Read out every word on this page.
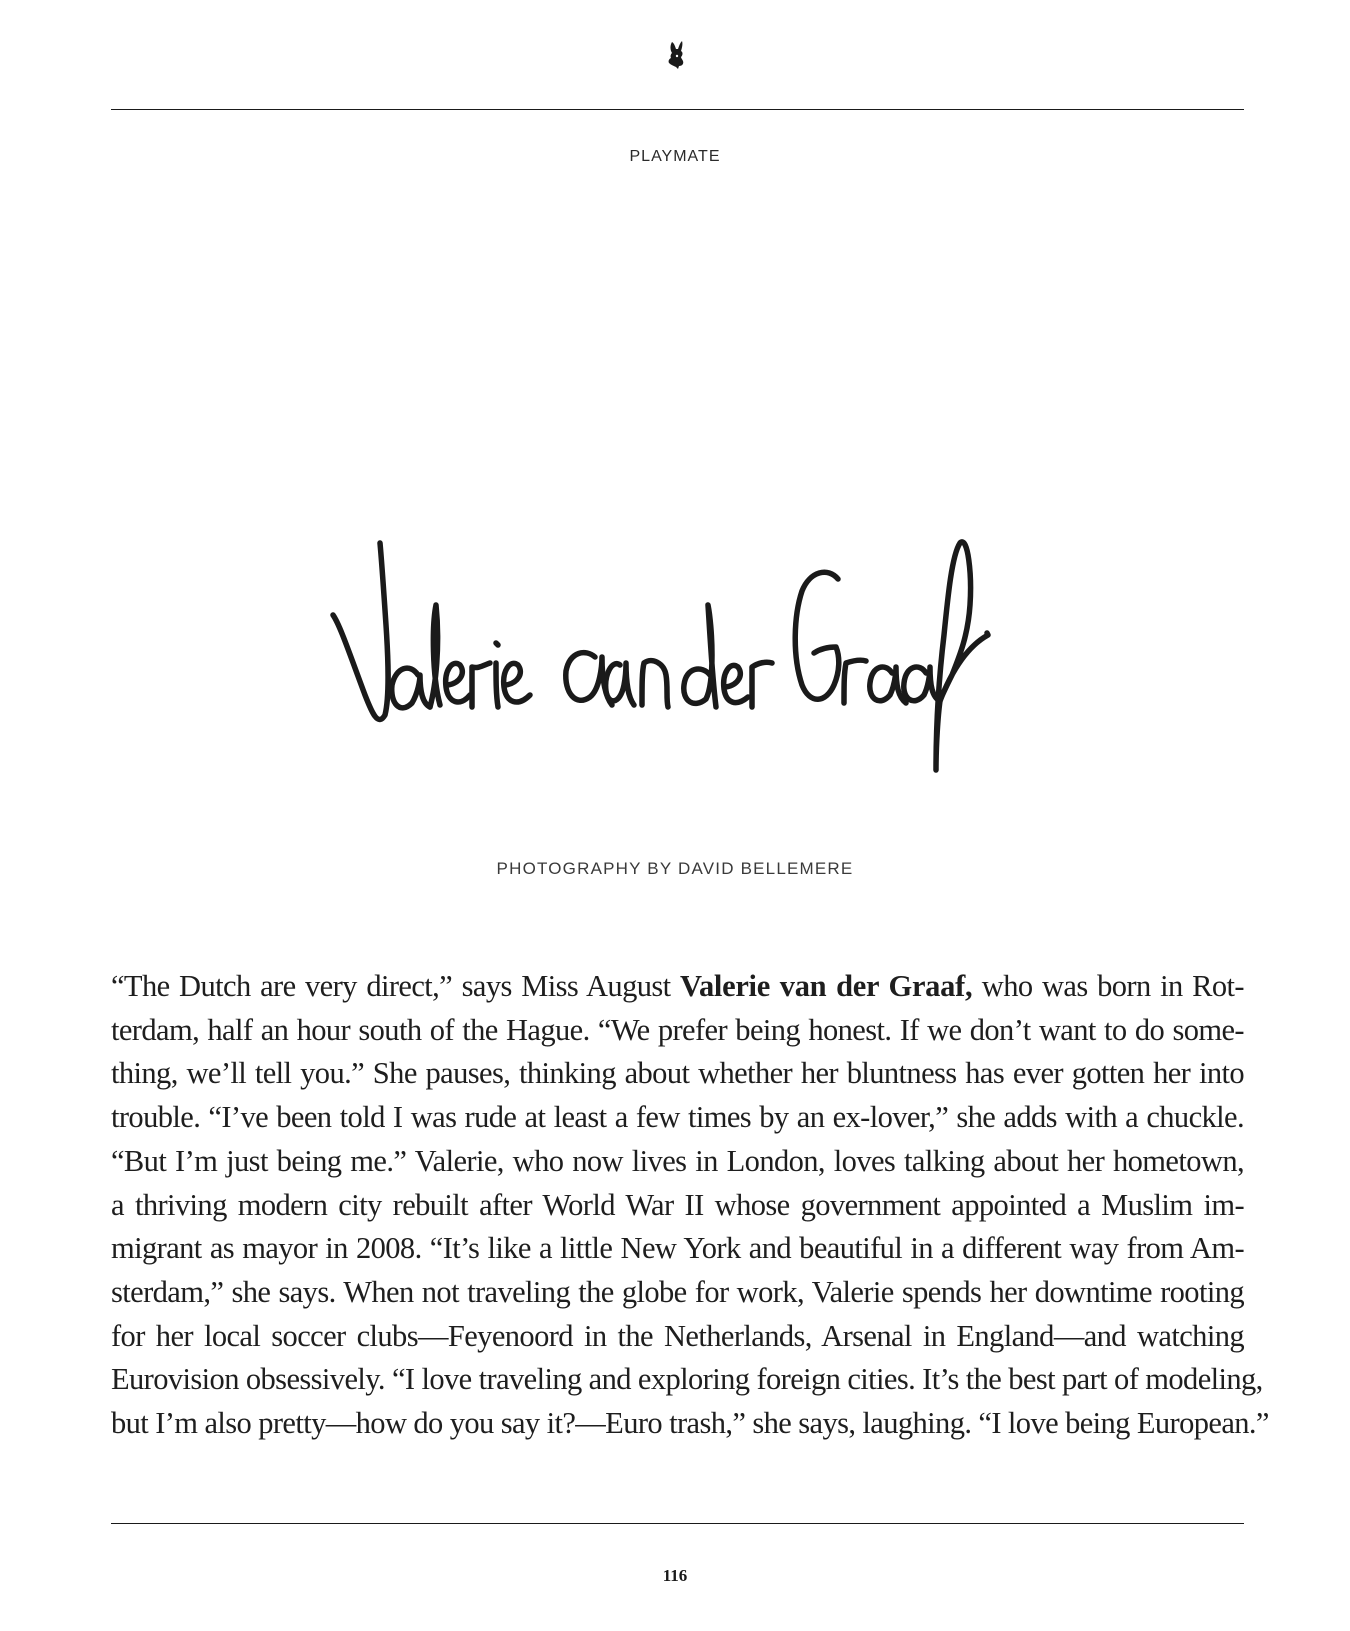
PLAYMATE
PHOTOGRAPHY BY DAVID BELLEMERE
“The Dutch are very direct,” says Miss August Valerie van der Graaf, who was born in Rot-
terdam, half an hour south of the Hague. “We prefer being honest. If we don’t want to do some-
thing, we’ll tell you.” She pauses, thinking about whether her bluntness has ever gotten her into
trouble. “I’ve been told I was rude at least a few times by an ex-lover,” she adds with a chuckle.
“But I’m just being me.” Valerie, who now lives in London, loves talking about her hometown,
a thriving modern city rebuilt after World War II whose government appointed a Muslim im-
migrant as mayor in 2008. “It’s like a little New York and beautiful in a different way from Am-
sterdam,” she says. When not traveling the globe for work, Valerie spends her downtime rooting
for her local soccer clubs—Feyenoord in the Netherlands, Arsenal in England—and watching
Eurovision obsessively. “I love traveling and exploring foreign cities. It’s the best part of modeling,
but I’m also pretty—how do you say it?—Euro trash,” she says, laughing. “I love being European.”
116
